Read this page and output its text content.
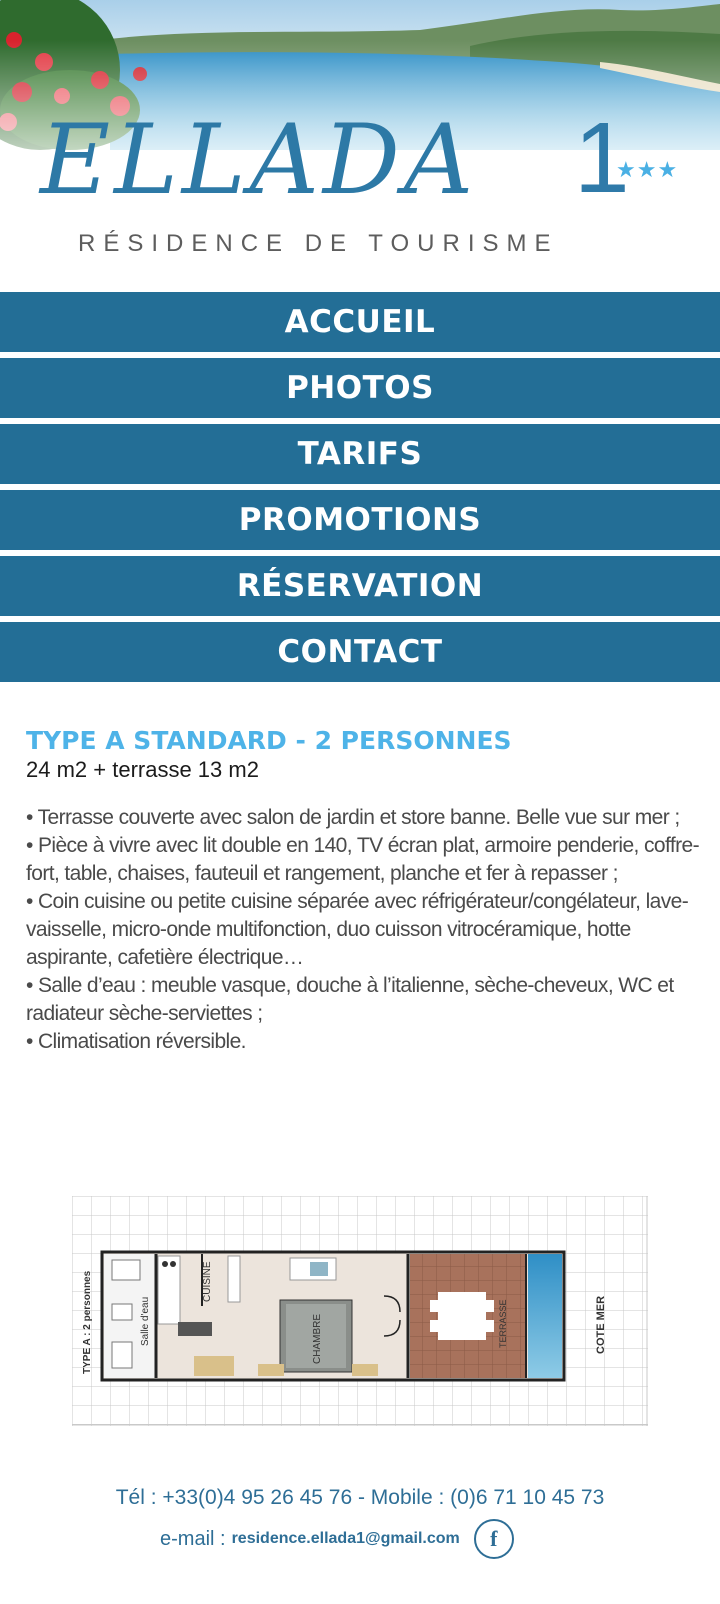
ELLADA 1
★★★
RÉSIDENCE DE TOURISME
ACCUEIL
PHOTOS
TARIFS
PROMOTIONS
RÉSERVATION
CONTACT
TYPE A STANDARD - 2 PERSONNES

24 m2 + terrasse 13 m2

• Terrasse couverte avec salon de jardin et store banne. Belle vue sur mer ;

• Pièce à vivre avec lit double en 140, TV écran plat, armoire penderie, coffre-fort, table, chaises, fauteuil et rangement, planche et fer à repasser ;

• Coin cuisine ou petite cuisine séparée avec réfrigérateur/congélateur, lave-vaisselle, micro-onde multifonction, duo cuisson vitrocéramique, hotte aspirante, cafetière électrique…

• Salle d’eau : meuble vasque, douche à l’italienne, sèche-cheveux, WC et radiateur sèche-serviettes ;

• Climatisation réversible.

TYPE A : 2 personnes	Salle d'eau
CUISINE
CHAMBRE	TERRASSE	COTE MER
Tél : +33(0)4 95 26 45 76 - Mobile : (0)6 71 10 45 73
e-mail : residence.ellada1@gmail.com	f
